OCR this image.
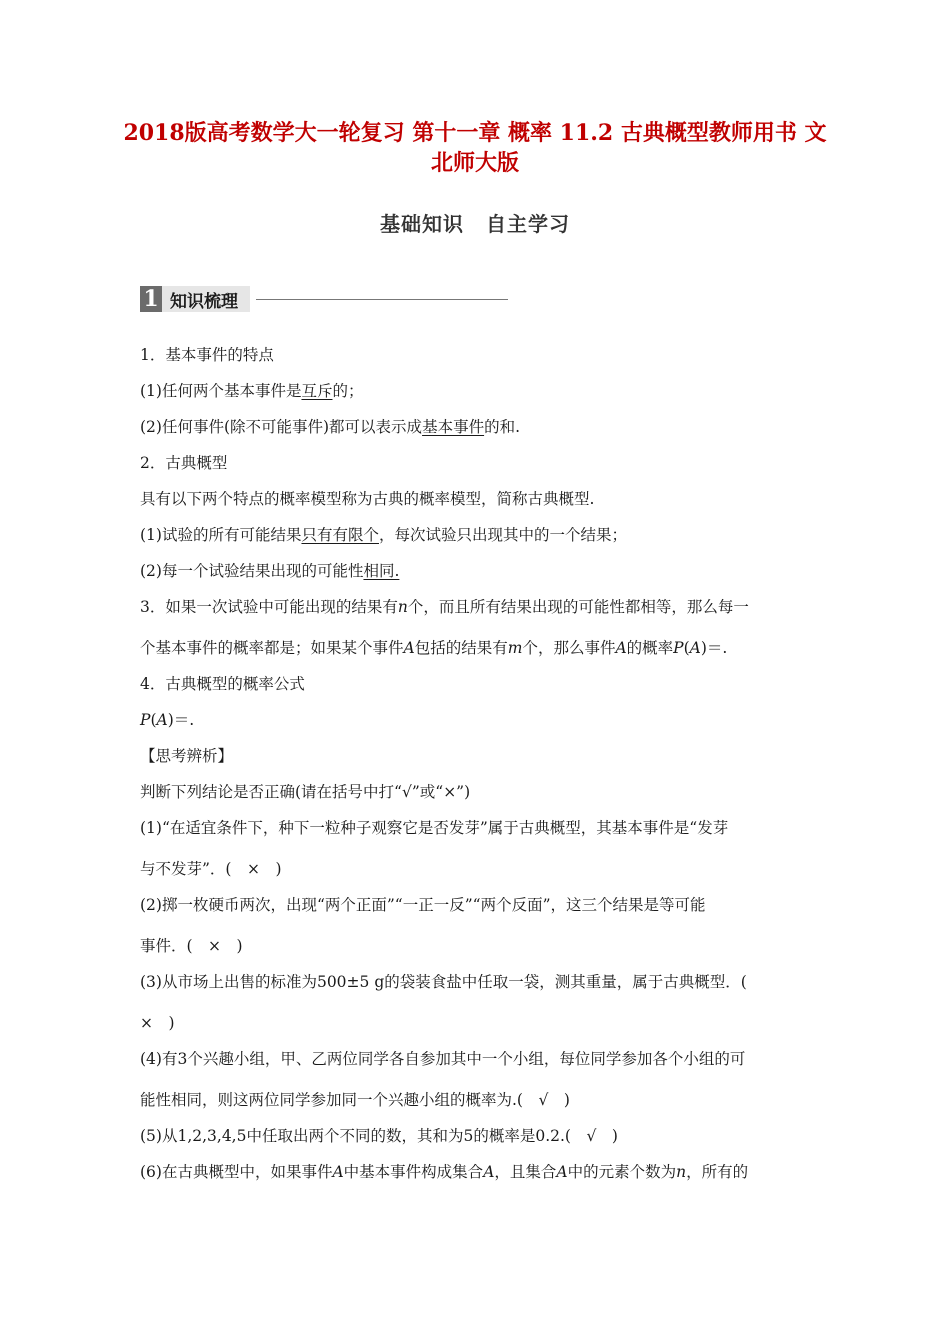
2018版高考数学大一轮复习 第十一章 概率 11.2 古典概型教师用书 文 北师大版
基础知识 自主学习
1 知识梳理
1．基本事件的特点
(1)任何两个基本事件是互斥的；
(2)任何事件(除不可能事件)都可以表示成基本事件的和.
2．古典概型
具有以下两个特点的概率模型称为古典的概率模型，简称古典概型.
(1)试验的所有可能结果只有有限个，每次试验只出现其中的一个结果；
(2)每一个试验结果出现的可能性相同.
3．如果一次试验中可能出现的结果有n个，而且所有结果出现的可能性都相等，那么每一
个基本事件的概率都是；如果某个事件A包括的结果有m个，那么事件A的概率P(A)＝.
4．古典概型的概率公式
P(A)＝.
【思考辨析】
判断下列结论是否正确(请在括号中打“√”或“×”)
(1)“在适宜条件下，种下一粒种子观察它是否发芽”属于古典概型，其基本事件是“发芽
与不发芽”．(　×　)
(2)掷一枚硬币两次，出现“两个正面”“一正一反”“两个反面”，这三个结果是等可能
事件．(　×　)
(3)从市场上出售的标准为500±5 g的袋装食盐中任取一袋，测其重量，属于古典概型．(
×　)
(4)有3个兴趣小组，甲、乙两位同学各自参加其中一个小组，每位同学参加各个小组的可
能性相同，则这两位同学参加同一个兴趣小组的概率为.(　√　)
(5)从1,2,3,4,5中任取出两个不同的数，其和为5的概率是0.2.(　√　)
(6)在古典概型中，如果事件A中基本事件构成集合A，且集合A中的元素个数为n，所有的
